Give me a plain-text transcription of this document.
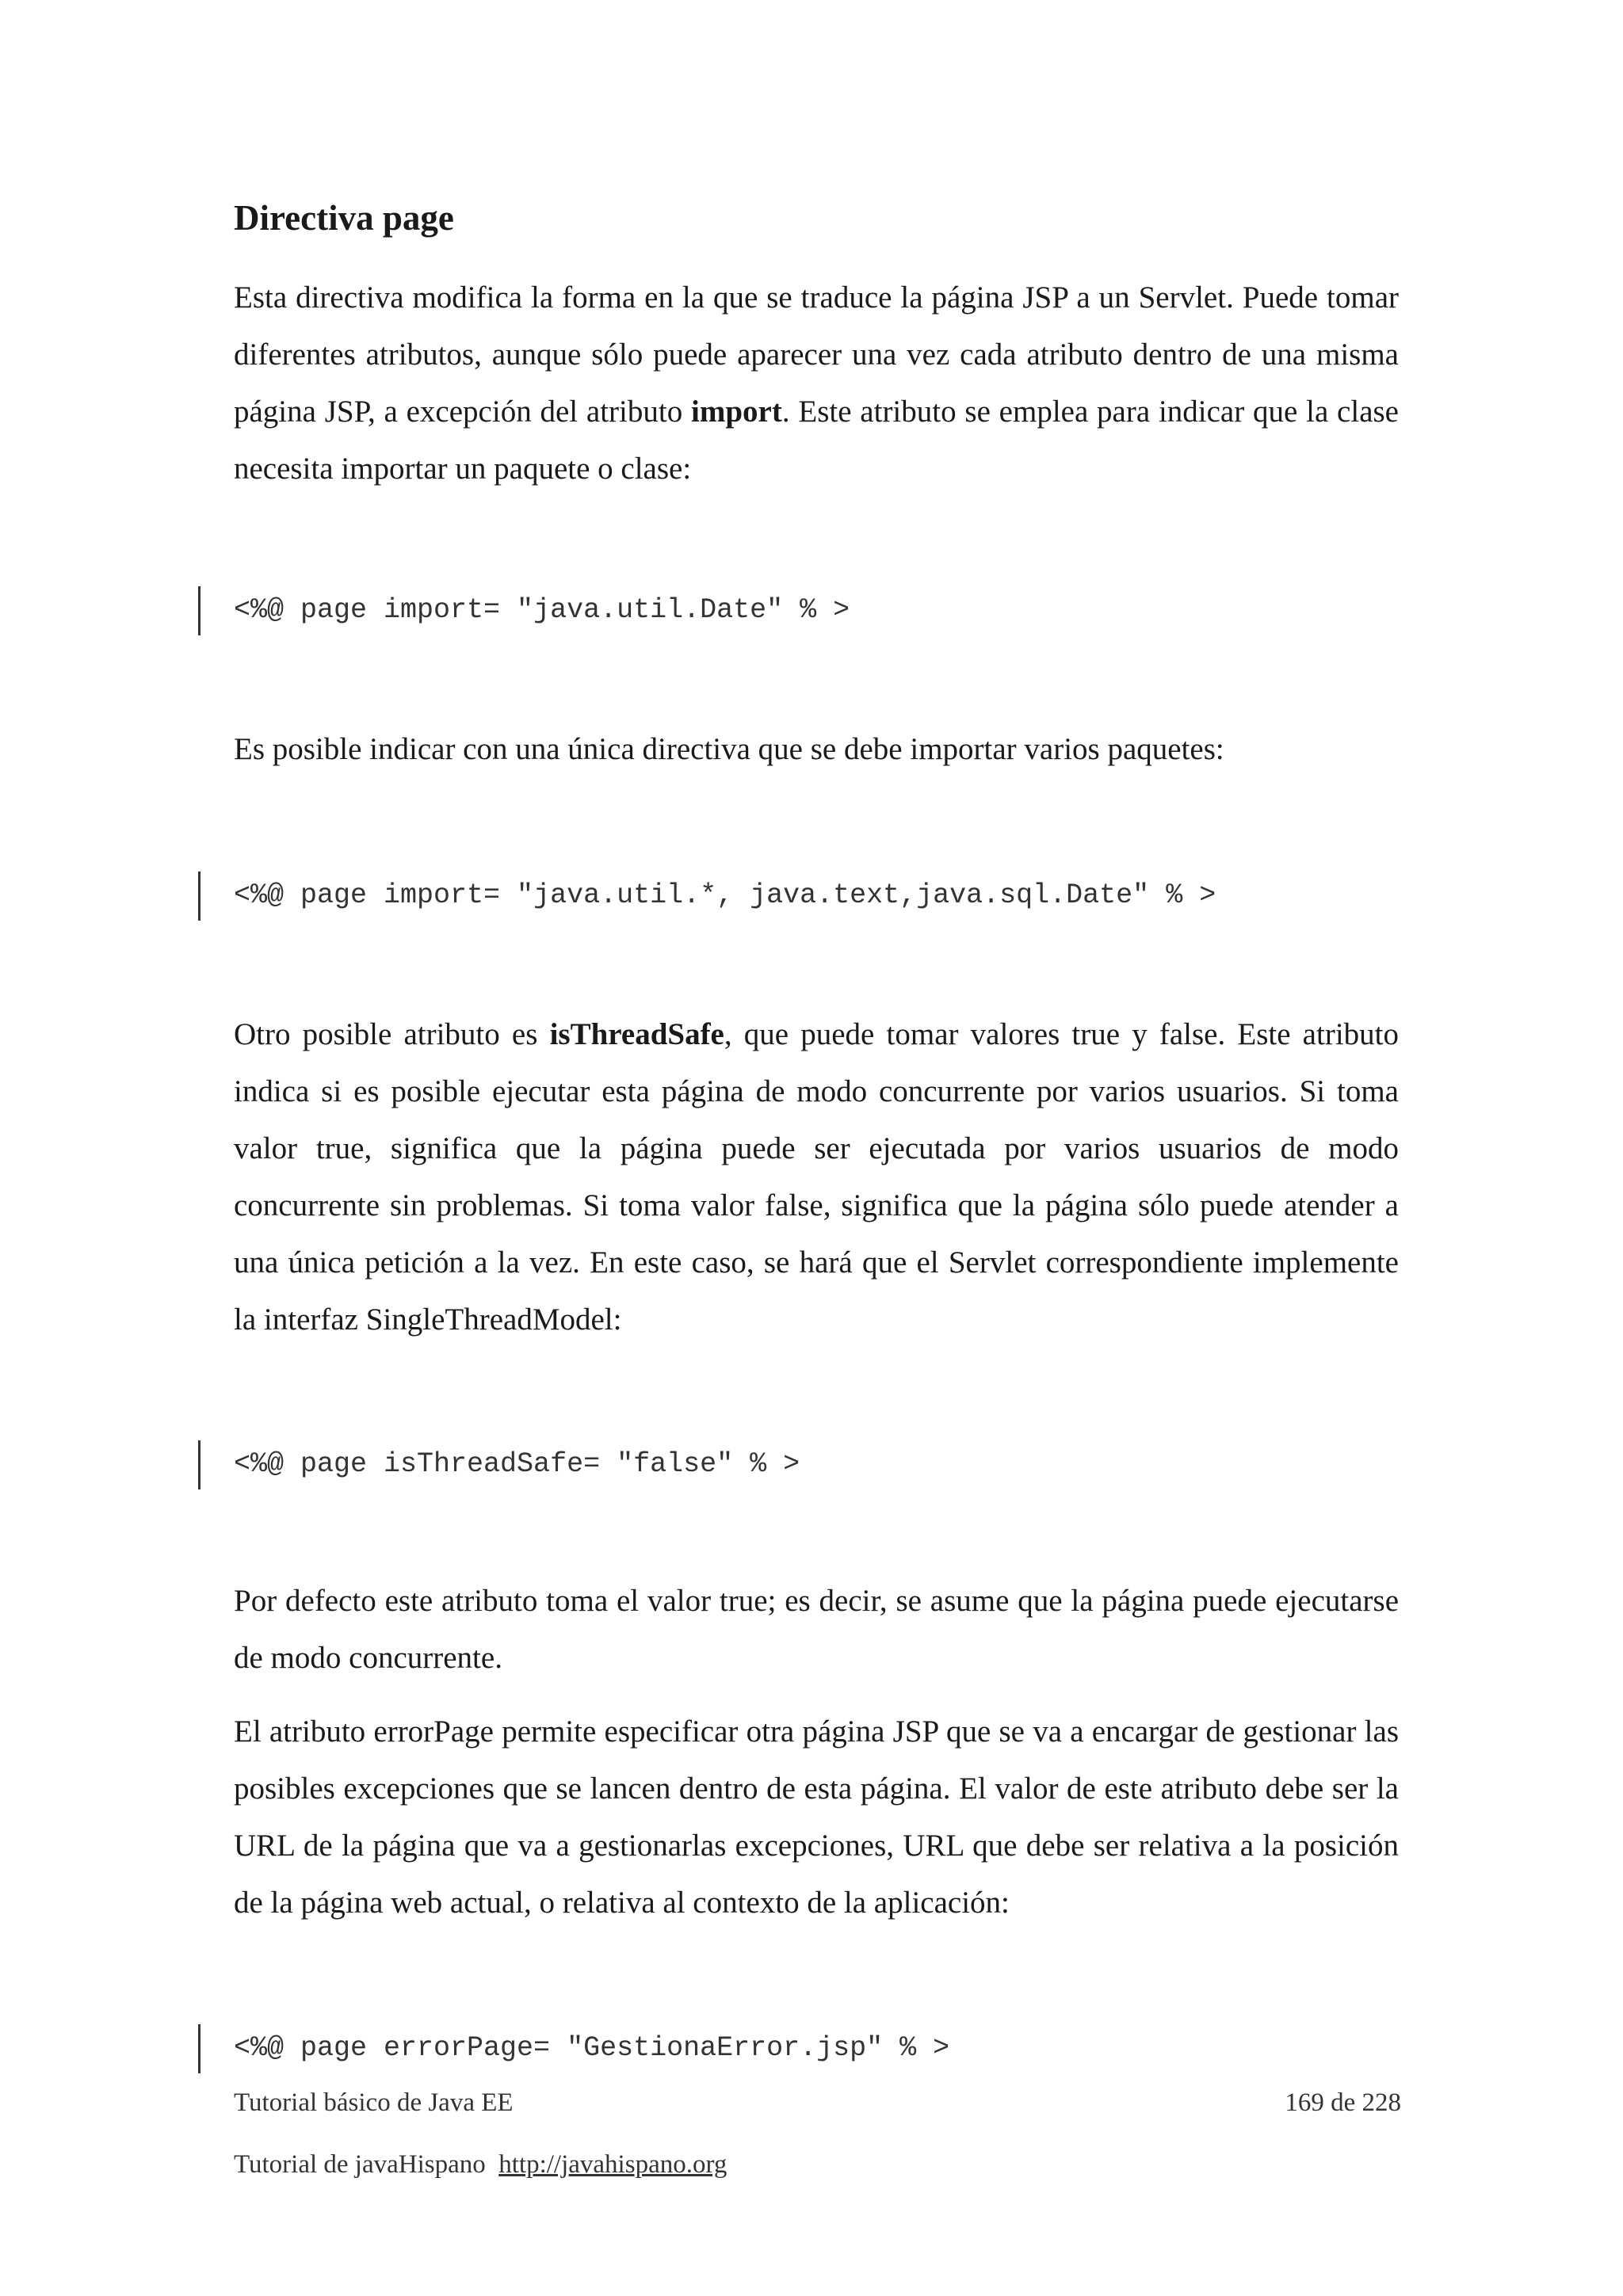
Directiva page

Esta directiva modifica la forma en la que se traduce la página JSP a un Servlet. Puede tomar diferentes atributos, aunque sólo puede aparecer una vez cada atributo dentro de una misma página JSP, a excepción del atributo import. Este atributo se emplea para indicar que la clase necesita importar un paquete o clase:

<%@ page import= "java.util.Date" % >

Es posible indicar con una única directiva que se debe importar varios paquetes:

<%@ page import= "java.util.*, java.text,java.sql.Date" % >

Otro posible atributo es isThreadSafe, que puede tomar valores true y false. Este atributo indica si es posible ejecutar esta página de modo concurrente por varios usuarios. Si toma valor true, significa que la página puede ser ejecutada por varios usuarios de modo concurrente sin problemas. Si toma valor false, significa que la página sólo puede atender a una única petición a la vez. En este caso, se hará que el Servlet correspondiente implemente la interfaz SingleThreadModel:

<%@ page isThreadSafe= "false" % >

Por defecto este atributo toma el valor true; es decir, se asume que la página puede ejecutarse de modo concurrente.

El atributo errorPage permite especificar otra página JSP que se va a encargar de gestionar las posibles excepciones que se lancen dentro de esta página. El valor de este atributo debe ser la URL de la página que va a gestionarlas excepciones, URL que debe ser relativa a la posición de la página web actual, o relativa al contexto de la aplicación:

<%@ page errorPage= "GestionaError.jsp" % >
Tutorial básico de Java EE	169 de 228
Tutorial de javaHispano http://javahispano.org
